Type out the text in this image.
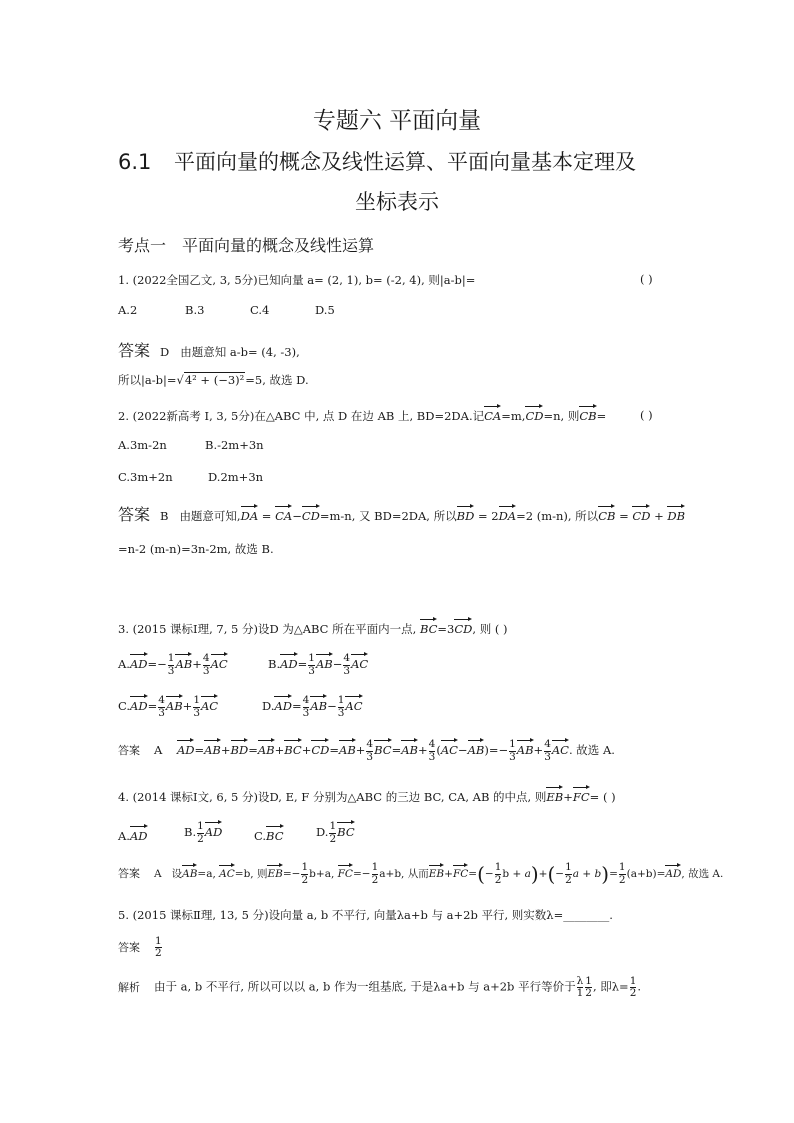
专题六 平面向量
6.1 平面向量的概念及线性运算、平面向量基本定理及
坐标表示
考点一 平面向量的概念及线性运算
1. (2022全国乙文, 3, 5分)已知向量 a= (2, 1), b= (-2, 4), 则|a-b|=	( )
A.2	B.3	C.4	D.5
答案 D 由题意知 a-b= (4, -3),
所以|a-b|=√4² + (−3)²=5, 故选 D.
2. (2022新高考 I, 3, 5分)在△ABC 中, 点 D 在边 AB 上, BD=2DA.记CA=m,CD=n, 则CB=	( )
A.3m-2n	B.-2m+3n
C.3m+2n	D.2m+3n
答案 B 由题意可知,DA = CA−CD=m-n, 又 BD=2DA, 所以BD = 2DA=2 (m-n), 所以CB = CD + DB
=n-2 (m-n)=3n-2m, 故选 B.
3. (2015 课标Ⅰ理, 7, 5 分)设D 为△ABC 所在平面内一点, BC=3CD, 则 ( )
$A.AD=- \frac{1}{3} AB+ \frac{4}{3}$ AC	$B.AD= \frac{1}{3} AB- \frac{4}{3}$ AC
$C.AD= \frac{4}{3} AB+ \frac{1}{3}$ AC	$D.AD= \frac{4}{3} AB- \frac{1}{3}$ AC
答案 A $AD=AB+BD=AB+BC+CD=AB+ \frac{4}{3} BC=AB+ \frac{4}{3} (AC-AB)=- \frac{1}{3} AB+ \frac{4}{3}$ AC. 故选 A.
4. (2014 课标Ⅰ文, 6, 5 分)设D, E, F 分别为△ABC 的三边 BC, CA, AB 的中点, 则EB+FC= ( )
A.AD	B. $\frac{1}{2}$ AD	C.BC	D. $\frac{1}{2}$ BC
答案 A 设AB=a, AC=b, 则$EB=- \frac{1}{2} b+a$, $FC=- \frac{1}{2} a+b$, 从而$EB+FC=(- \frac{1}{2}$ $b + a)+(- \frac{1}{2}$ $a + b)= \frac{1}{2} (a+b)=AD$, 故选 A.
5. (2015 课标Ⅱ理, 13, 5 分)设向量 a, b 不平行, 向量λa+b 与 a+2b 平行, 则实数λ=________.
答案 $\frac{1}{2}$
解析 由于 a, b 不平行, 所以可以以 a, b 作为一组基底, 于是λa+b 与 a+2b 平行等价于 $\frac{\lambda}{1} \frac{1}{2}$ , 即$\lambda= \frac{1}{2}$ .
